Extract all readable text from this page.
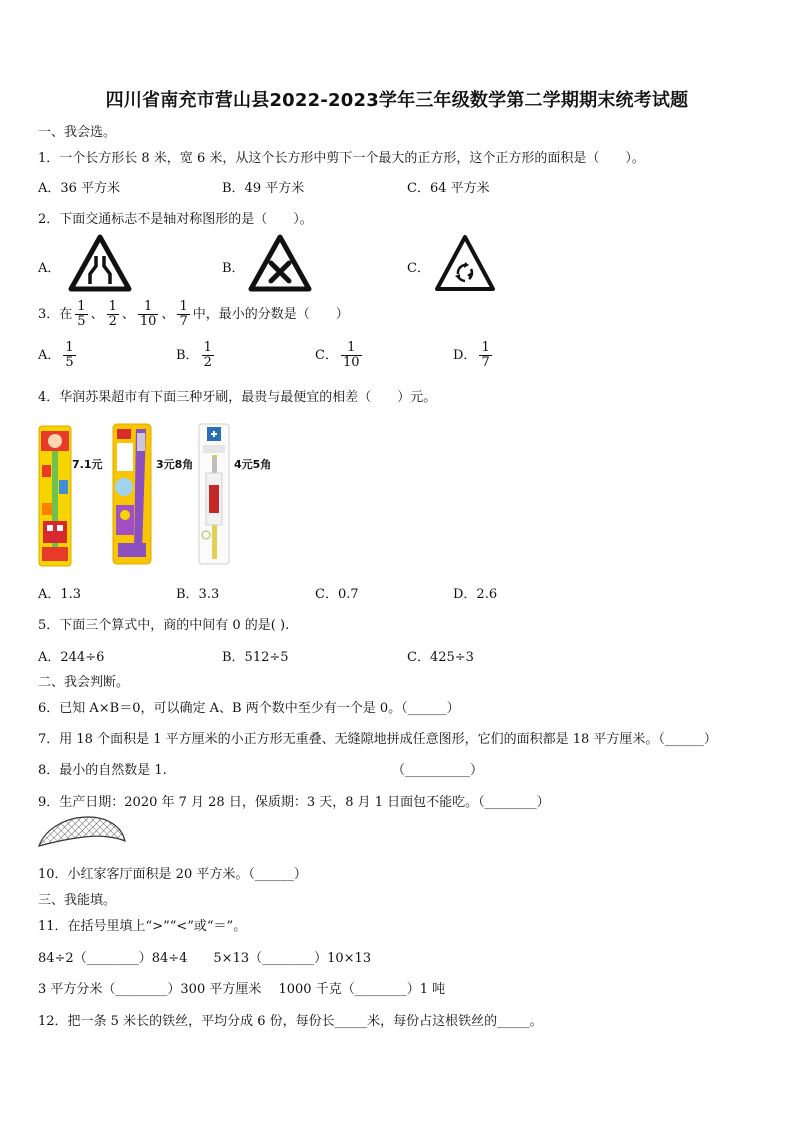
四川省南充市营山县2022-2023学年三年级数学第二学期期末统考试题
一、我会选。
1．一个长方形长 8 米，宽 6 米，从这个长方形中剪下一个最大的正方形，这个正方形的面积是（　　）。
A．36 平方米	B．49 平方米	C．64 平方米
2．下面交通标志不是轴对称图形的是（　　）。
A．	B．	C．
3．在 $\frac{1}{5}$ 、 $\frac{1}{2}$ 、 $\frac{1}{10}$ 、 $\frac{1}{7}$ 中，最小的分数是（　　）
A． $\frac{1}{5}$	B． $\frac{1}{2}$	C． $\frac{1}{10}$	D． $\frac{1}{7}$
4．华润苏果超市有下面三种牙刷，最贵与最便宜的相差（　　）元。
7.1元	3元8角	4元5角
A．1.3	B．3.3	C．0.7	D．2.6
5．下面三个算式中，商的中间有 0 的是( ).
A．244÷6	B．512÷5	C．425÷3
二、我会判断。
6．已知 A×B＝0，可以确定 A、B 两个数中至少有一个是 0。（______）
7．用 18 个面积是 1 平方厘米的小正方形无重叠、无缝隙地拼成任意图形，它们的面积都是 18 平方厘米。（______）
8．最小的自然数是 1.	（__________）
9．生产日期：2020 年 7 月 28 日，保质期：3 天，8 月 1 日面包不能吃。（________）
10．小红家客厅面积是 20 平方米。（______）
三、我能填。
11．在括号里填上“>”“<”或“＝”。
84÷2（________）84÷4　　5×13（________）10×13
3 平方分米（________）300 平方厘米　 1000 千克（________）1 吨
12．把一条 5 米长的铁丝，平均分成 6 份，每份长_____米，每份占这根铁丝的_____。
